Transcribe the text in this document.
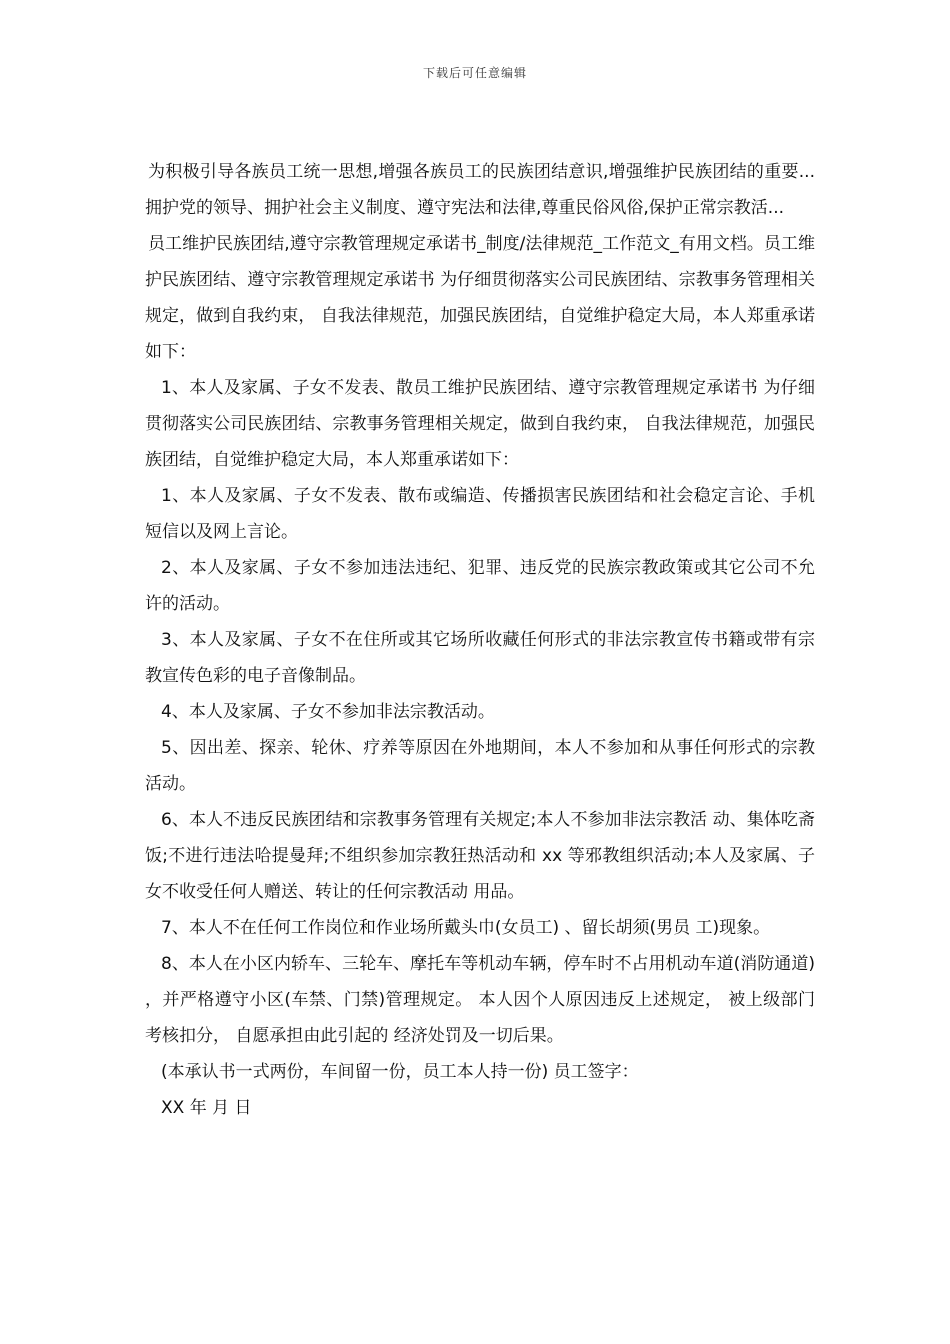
下载后可任意编辑

为积极引导各族员工统一思想,增强各族员工的民族团结意识,增强维护民族团结的重要... 拥护党的领导、拥护社会主义制度、遵守宪法和法律,尊重民俗风俗,保护正常宗教活...

员工维护民族团结,遵守宗教管理规定承诺书_制度/法律规范_工作范文_有用文档。员工维护民族团结、遵守宗教管理规定承诺书 为仔细贯彻落实公司民族团结、宗教事务管理相关规定，做到自我约束， 自我法律规范，加强民族团结，自觉维护稳定大局，本人郑重承诺如下：

1、本人及家属、子女不发表、散员工维护民族团结、遵守宗教管理规定承诺书 为仔细贯彻落实公司民族团结、宗教事务管理相关规定，做到自我约束， 自我法律规范，加强民族团结，自觉维护稳定大局，本人郑重承诺如下：

1、本人及家属、子女不发表、散布或编造、传播损害民族团结和社会稳定言论、手机短信以及网上言论。

2、本人及家属、子女不参加违法违纪、犯罪、违反党的民族宗教政策或其它公司不允许的活动。

3、本人及家属、子女不在住所或其它场所收藏任何形式的非法宗教宣传书籍或带有宗教宣传色彩的电子音像制品。

4、本人及家属、子女不参加非法宗教活动。

5、因出差、探亲、轮休、疗养等原因在外地期间，本人不参加和从事任何形式的宗教活动。

6、本人不违反民族团结和宗教事务管理有关规定;本人不参加非法宗教活 动、集体吃斋饭;不进行违法哈提曼拜;不组织参加宗教狂热活动和 xx 等邪教组织活动;本人及家属、子女不收受任何人赠送、转让的任何宗教活动 用品。

7、本人不在任何工作岗位和作业场所戴头巾(女员工) 、留长胡须(男员 工)现象。

8、本人在小区内轿车、三轮车、摩托车等机动车辆，停车时不占用机动车道(消防通道) ，并严格遵守小区(车禁、门禁)管理规定。 本人因个人原因违反上述规定， 被上级部门考核扣分， 自愿承担由此引起的 经济处罚及一切后果。

(本承认书一式两份，车间留一份，员工本人持一份) 员工签字：

XX 年 月 日
